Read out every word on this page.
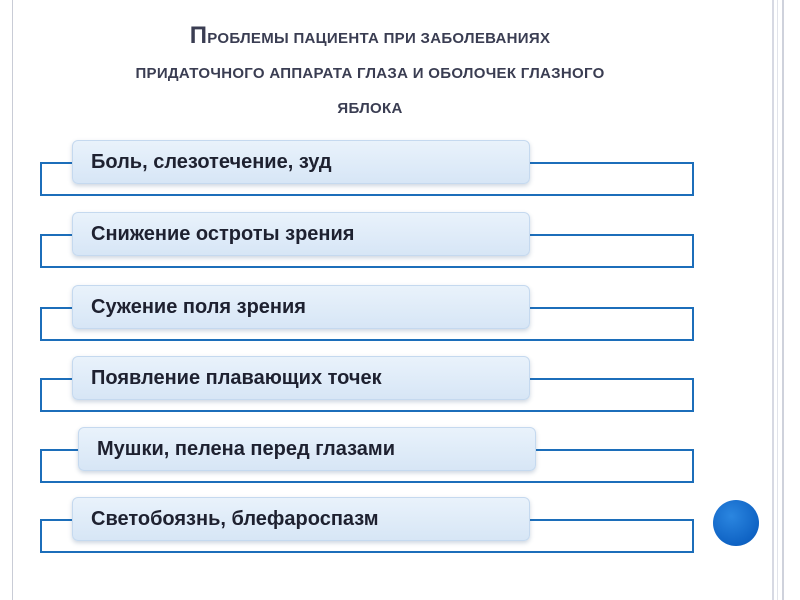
ПРОБЛЕМЫ ПАЦИЕНТА ПРИ ЗАБОЛЕВАНИЯХ
ПРИДАТОЧНОГО АППАРАТА ГЛАЗА И ОБОЛОЧЕК ГЛАЗНОГО
ЯБЛОКА
Боль, слезотечение, зуд
Снижение остроты зрения
Сужение поля зрения
Появление плавающих точек
Мушки, пелена перед глазами
Светобоязнь, блефароспазм
